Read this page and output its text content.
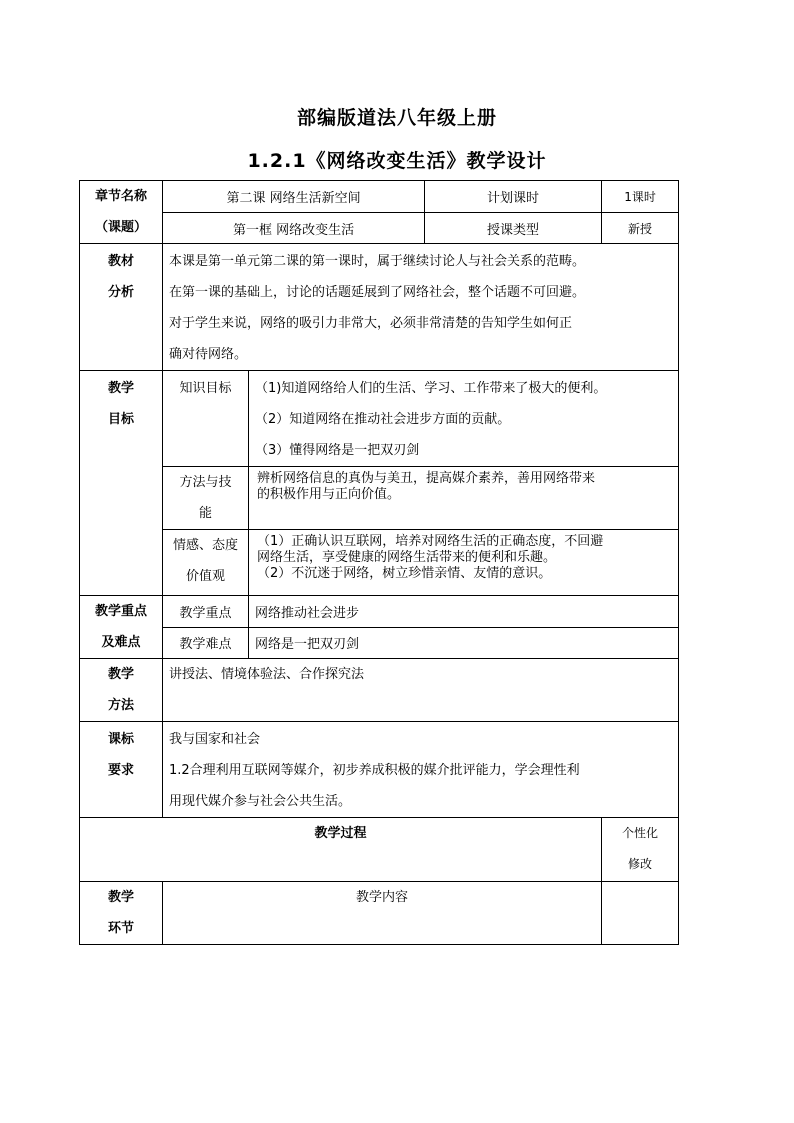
部编版道法八年级上册
1.2.1《网络改变生活》教学设计
章节名称
（课题）	第二课 网络生活新空间		计划课时	1课时
	第一框 网络改变生活		授课类型	新授

教材
分析	本课是第一单元第二课的第一课时，属于继续讨论人与社会关系的范畴。
在第一课的基础上，讨论的话题延展到了网络社会，整个话题不可回避。
对于学生来说，网络的吸引力非常大，必须非常清楚的告知学生如何正
确对待网络。			

教学
目标	知识目标	（1)知道网络给人们的生活、学习、工作带来了极大的便利。
（2）知道网络在推动社会进步方面的贡献。
（3）懂得网络是一把双刃剑		

	方法与技
能	辨析网络信息的真伪与美丑，提高媒介素养，善用网络带来
的积极作用与正向价值。		

	情感、态度
价值观	（1）正确认识互联网，培养对网络生活的正确态度，不回避
网络生活，享受健康的网络生活带来的便利和乐趣。
（2）不沉迷于网络，树立珍惜亲情、友情的意识。		

教学重点
及难点	教学重点	网络推动社会进步		
	教学难点	网络是一把双刃剑		

教学
方法	讲授法、情境体验法、合作探究法			

课标
要求	我与国家和社会
1.2合理利用互联网等媒介，初步养成积极的媒介批评能力，学会理性利
用现代媒介参与社会公共生活。			

教学过程				个性化
修改

教学
环节	教学内容			
